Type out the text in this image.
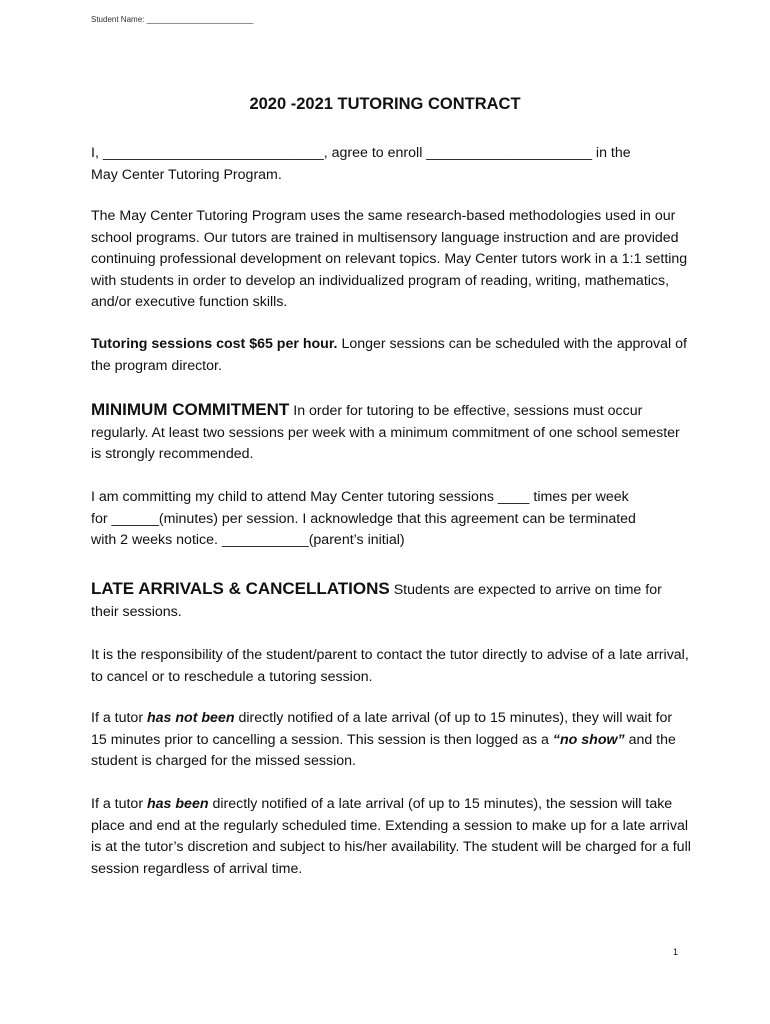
Student Name: ________________________
2020 -2021 TUTORING CONTRACT
I, ____________________________, agree to enroll _____________________ in the
May Center Tutoring Program.

The May Center Tutoring Program uses the same research-based methodologies used in our school programs. Our tutors are trained in multisensory language instruction and are provided continuing professional development on relevant topics. May Center tutors work in a 1:1 setting with students in order to develop an individualized program of reading, writing, mathematics, and/or executive function skills.

Tutoring sessions cost $65 per hour. Longer sessions can be scheduled with the approval of the program director.

MINIMUM COMMITMENT In order for tutoring to be effective, sessions must occur regularly. At least two sessions per week with a minimum commitment of one school semester is strongly recommended.

I am committing my child to attend May Center tutoring sessions ____ times per week
for ______(minutes) per session. I acknowledge that this agreement can be terminated
with 2 weeks notice. ___________(parent’s initial)

LATE ARRIVALS & CANCELLATIONS Students are expected to arrive on time for their sessions.

It is the responsibility of the student/parent to contact the tutor directly to advise of a late arrival, to cancel or to reschedule a tutoring session.

If a tutor has not been directly notified of a late arrival (of up to 15 minutes), they will wait for 15 minutes prior to cancelling a session. This session is then logged as a “no show” and the student is charged for the missed session.

If a tutor has been directly notified of a late arrival (of up to 15 minutes), the session will take place and end at the regularly scheduled time. Extending a session to make up for a late arrival is at the tutor’s discretion and subject to his/her availability. The student will be charged for a full session regardless of arrival time.

1
